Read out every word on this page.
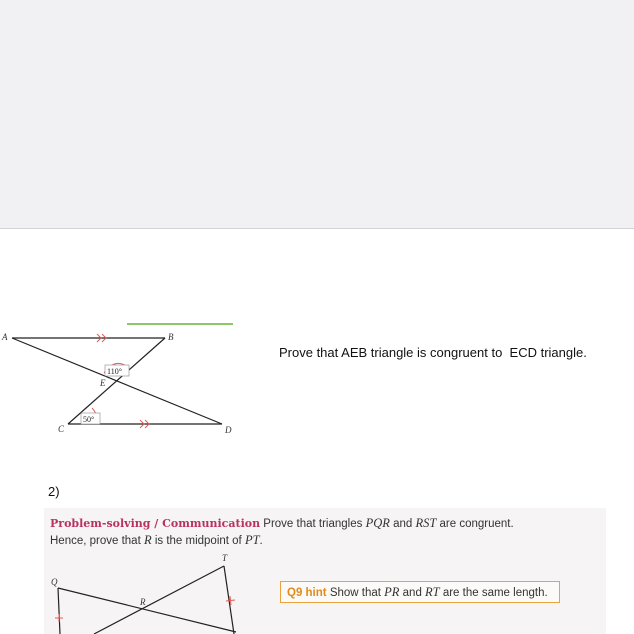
110°
50°
A	B
C	D
E
Prove that AEB triangle is congruent to  ECD triangle.
2)
Problem-solving / Communication Prove that triangles PQR and RST are congruent.
Hence, prove that R is the midpoint of PT.
Q
T
R
Q9 hint Show that PR and RT are the same length.
